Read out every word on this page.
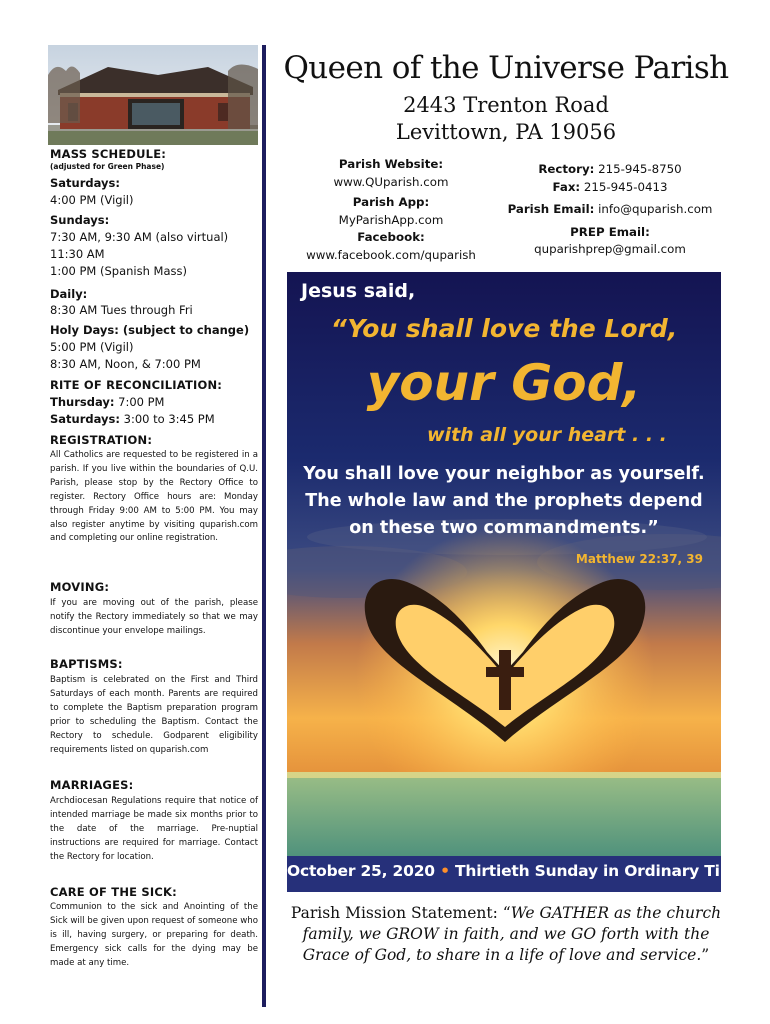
MASS SCHEDULE:
(adjusted for Green Phase)
Saturdays:
4:00 PM (Vigil)
Sundays:
7:30 AM, 9:30 AM (also virtual)
11:30 AM
1:00 PM (Spanish Mass)
Daily:
8:30 AM Tues through Fri
Holy Days: (subject to change)
5:00 PM (Vigil)
8:30 AM, Noon, & 7:00 PM
RITE OF RECONCILIATION:
Thursday: 7:00 PM
Saturdays: 3:00 to 3:45 PM
REGISTRATION:
All Catholics are requested to be registered in a parish. If you live within the boundaries of Q.U. Parish, please stop by the Rectory Office to register. Rectory Office hours are: Monday through Friday 9:00 AM to 5:00 PM. You may also register anytime by visiting quparish.com and completing our online registration.
MOVING:
If you are moving out of the parish, please notify the Rectory immediately so that we may discontinue your envelope mailings.
BAPTISMS:
Baptism is celebrated on the First and Third Saturdays of each month. Parents are required to complete the Baptism preparation program prior to scheduling the Baptism. Contact the Rectory to schedule. Godparent eligibility requirements listed on quparish.com
MARRIAGES:
Archdiocesan Regulations require that notice of intended marriage be made six months prior to the date of the marriage. Pre-nuptial instructions are required for marriage. Contact the Rectory for location.
CARE OF THE SICK:
Communion to the sick and Anointing of the Sick will be given upon request of someone who is ill, having surgery, or preparing for death. Emergency sick calls for the dying may be made at any time.
Queen of the Universe Parish
2443 Trenton Road
Levittown, PA 19056
Parish Website:
www.QUparish.com
Parish App:
MyParishApp.com
Facebook:
www.facebook.com/quparish
Rectory: 215-945-8750
Fax: 215-945-0413
Parish Email: info@quparish.com
PREP Email:
quparishprep@gmail.com
Jesus said,
“You shall love the Lord,
your God,
with all your heart . . .
You shall love your neighbor as yourself.
The whole law and the prophets depend
on these two commandments.”
Matthew 22:37, 39
October 25, 2020 • Thirtieth Sunday in Ordinary Time
Parish Mission Statement: “We GATHER as the church family, we GROW in faith, and we GO forth with the Grace of God, to share in a life of love and service.”
